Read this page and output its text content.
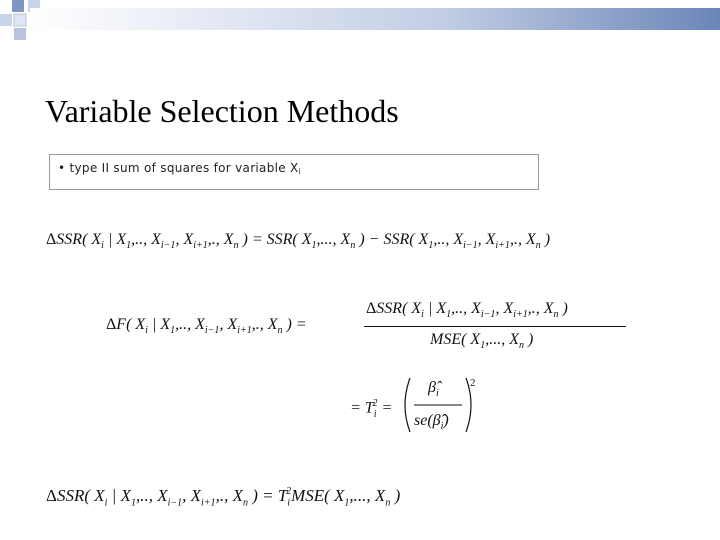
Variable Selection Methods
• type II sum of squares for variable $X_i$
ΔSSR( $X_i$ | $X_1$,.., $X_{i-1}$, $X_{i+1}$,., $X_n$ ) = SSR( $X_1$,..., $X_n$ ) − SSR( $X_1$,.., $X_{i-1}$, $X_{i+1}$,., $X_n$ )
ΔF( $X_i$ | $X_1$,.., $X_{i-1}$, $X_{i+1}$,., $X_n$ ) =
ΔSSR( $X_i$ | $X_1$,.., $X_{i-1}$, $X_{i+1}$,., $X_n$ )
MSE( $X_1$,..., $X_n$ )
= $T_i^2$ =
2
$\betâ_i$
$se(\betâ_i)$
ΔSSR( $X_i$ | $X_1$,.., $X_{i-1}$, $X_{i+1}$,., $X_n$ ) = $T_i^2MSE$( $X_1$,..., $X_n$ )
